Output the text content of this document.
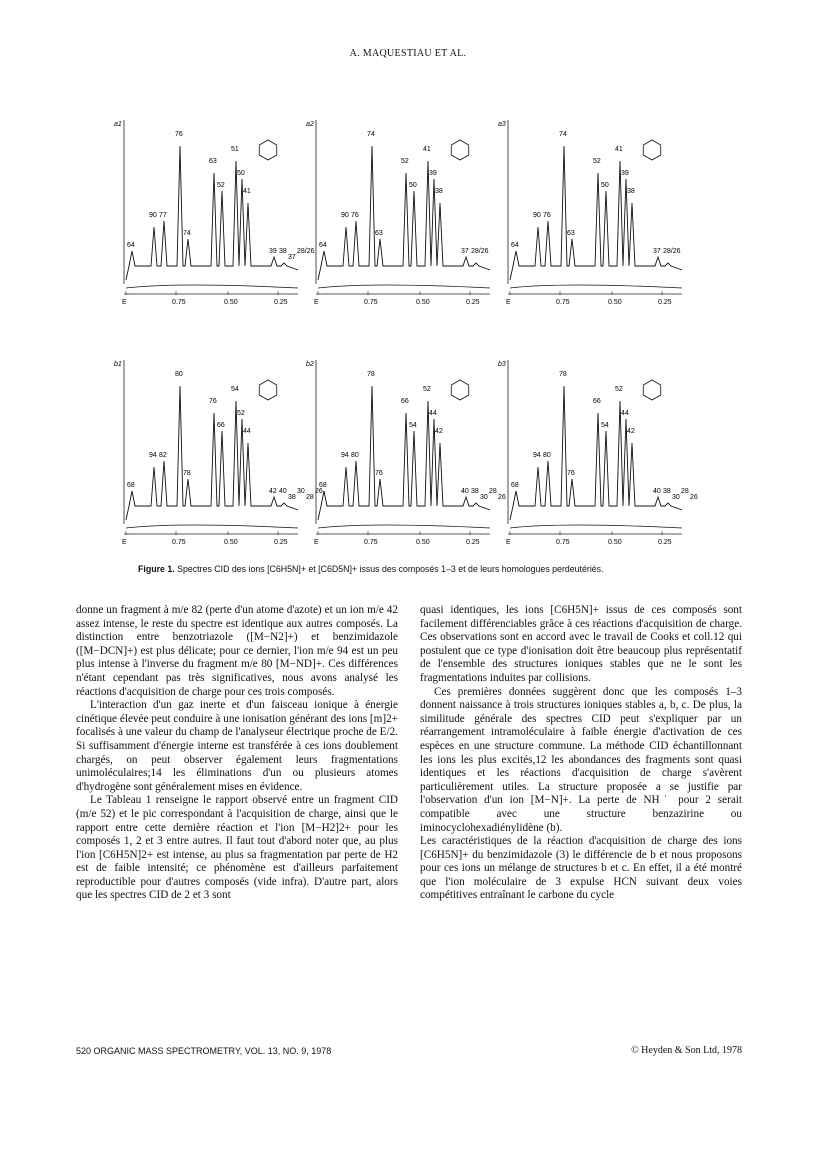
A. MAQUESTIAU ET AL.
a1
E	0.75	0.50	0.25
64
90 77
76
74
63
52
51
50
41
39 38
37
28/26
a2
E	0.75	0.50	0.25
64
90 76
74
63
52
50
41
39
38
37 28/26
a3
E	0.75	0.50	0.25
64
90 76
74
63
52
50
41
39
38
37 28/26
b1
E	0.75	0.50	0.25
68
94 82
80
78
76
66
54
52
44
42 40
38
30
28
26
b2
E	0.75	0.50	0.25
68
94 80
78
76
66
54
52
44
42
40 38
30
28
26
b3
E	0.75	0.50	0.25
68
94 80
78
76
66
54
52
44
42
40 38
30
28
26
Figure 1. Spectres CID des ions [C6H5N]+ et [C6D5N]+ issus des composés 1–3 et de leurs homologues perdeutériés.

donne un fragment à m/e 82 (perte d'un atome d'azote) et un ion m/e 42 assez intense, le reste du spectre est identique aux autres composés. La distinction entre benzotriazole ([M−N2]+) et benzimidazole ([M−DCN]+) est plus délicate; pour ce dernier, l'ion m/e 94 est un peu plus intense à l'inverse du fragment m/e 80 [M−ND]+. Ces différences n'étant cependant pas très significatives, nous avons analysé les réactions d'acquisition de charge pour ces trois composés.

L'interaction d'un gaz inerte et d'un faisceau ionique à énergie cinétique élevée peut conduire à une ionisation générant des ions [m]2+ focalisés à une valeur du champ de l'analyseur électrique proche de E/2. Si suffisamment d'énergie interne est transférée à ces ions doublement chargés, on peut observer également leurs fragmentations unimoléculaires;14 les éliminations d'un ou plusieurs atomes d'hydrogène sont généralement mises en évidence.

Le Tableau 1 renseigne le rapport observé entre un fragment CID (m/e 52) et le pic correspondant à l'acquisition de charge, ainsi que le rapport entre cette dernière réaction et l'ion [M−H2]2+ pour les composés 1, 2 et 3 entre autres. Il faut tout d'abord noter que, au plus l'ion [C6H5N]2+ est intense, au plus sa fragmentation par perte de H2 est de faible intensité; ce phénomène est d'ailleurs parfaitement reproductible pour d'autres composés (vide infra). D'autre part, alors que les spectres CID de 2 et 3 sont

quasi identiques, les ions [C6H5N]+ issus de ces composés sont facilement différenciables grâce à ces réactions d'acquisition de charge. Ces observations sont en accord avec le travail de Cooks et coll.12 qui postulent que ce type d'ionisation doit être beaucoup plus représentatif de l'ensemble des structures ioniques stables que ne le sont les fragmentations induites par collisions.

Ces premières données suggèrent donc que les composés 1–3 donnent naissance à trois structures ioniques stables a, b, c. De plus, la similitude générale des spectres CID peut s'expliquer par un réarrangement intramoléculaire à faible énergie d'activation de ces espèces en une structure commune. La méthode CID échantillonnant les ions les plus excités,12 les abondances des fragments sont quasi identiques et les réactions d'acquisition de charge s'avèrent particulièrement utiles. La structure proposée a se justifie par l'observation d'un ion [M−N]+. La perte de NH˙ pour 2 serait compatible avec une structure benzazirine ou iminocyclohexadiénylidène (b).

Les caractéristiques de la réaction d'acquisition de charge des ions [C6H5N]+ du benzimidazole (3) le différencie de b et nous proposons pour ces ions un mélange de structures b et c. En effet, il a été montré que l'ion moléculaire de 3 expulse HCN suivant deux voies compétitives entraînant le carbone du cycle

520 ORGANIC MASS SPECTROMETRY, VOL. 13, NO. 9, 1978	© Heyden & Son Ltd, 1978
